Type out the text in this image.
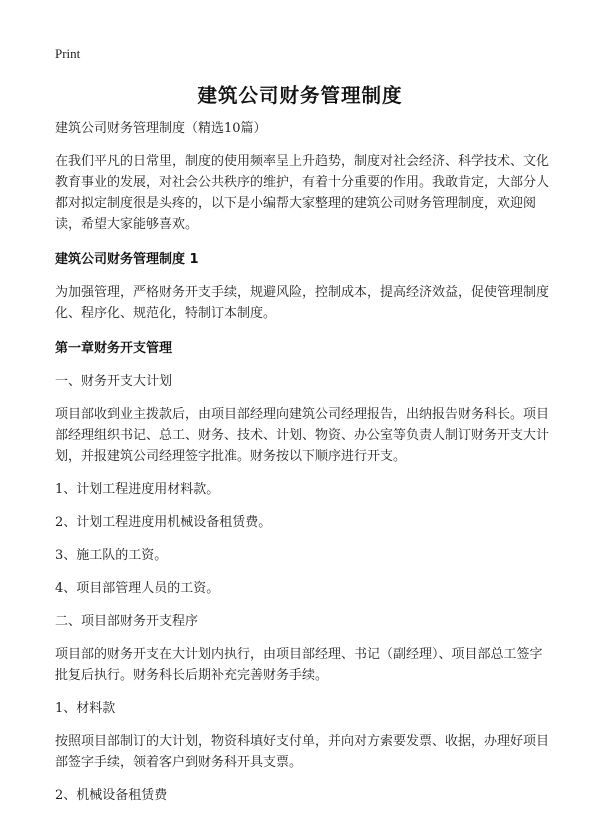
Print
建筑公司财务管理制度

建筑公司财务管理制度（精选10篇）

在我们平凡的日常里，制度的使用频率呈上升趋势，制度对社会经济、科学技术、文化教育事业的发展，对社会公共秩序的维护，有着十分重要的作用。我敢肯定，大部分人都对拟定制度很是头疼的，以下是小编帮大家整理的建筑公司财务管理制度，欢迎阅读，希望大家能够喜欢。

建筑公司财务管理制度 1

为加强管理，严格财务开支手续，规避风险，控制成本，提高经济效益，促使管理制度化、程序化、规范化，特制订本制度。

第一章财务开支管理

一、财务开支大计划

项目部收到业主拨款后，由项目部经理向建筑公司经理报告，出纳报告财务科长。项目部经理组织书记、总工、财务、技术、计划、物资、办公室等负责人制订财务开支大计划，并报建筑公司经理签字批准。财务按以下顺序进行开支。

1、计划工程进度用材料款。

2、计划工程进度用机械设备租赁费。

3、施工队的工资。

4、项目部管理人员的工资。

二、项目部财务开支程序

项目部的财务开支在大计划内执行，由项目部经理、书记（副经理）、项目部总工签字批复后执行。财务科长后期补充完善财务手续。

1、材料款

按照项目部制订的大计划，物资科填好支付单，并向对方索要发票、收据，办理好项目部签字手续，领着客户到财务科开具支票。

2、机械设备租赁费
